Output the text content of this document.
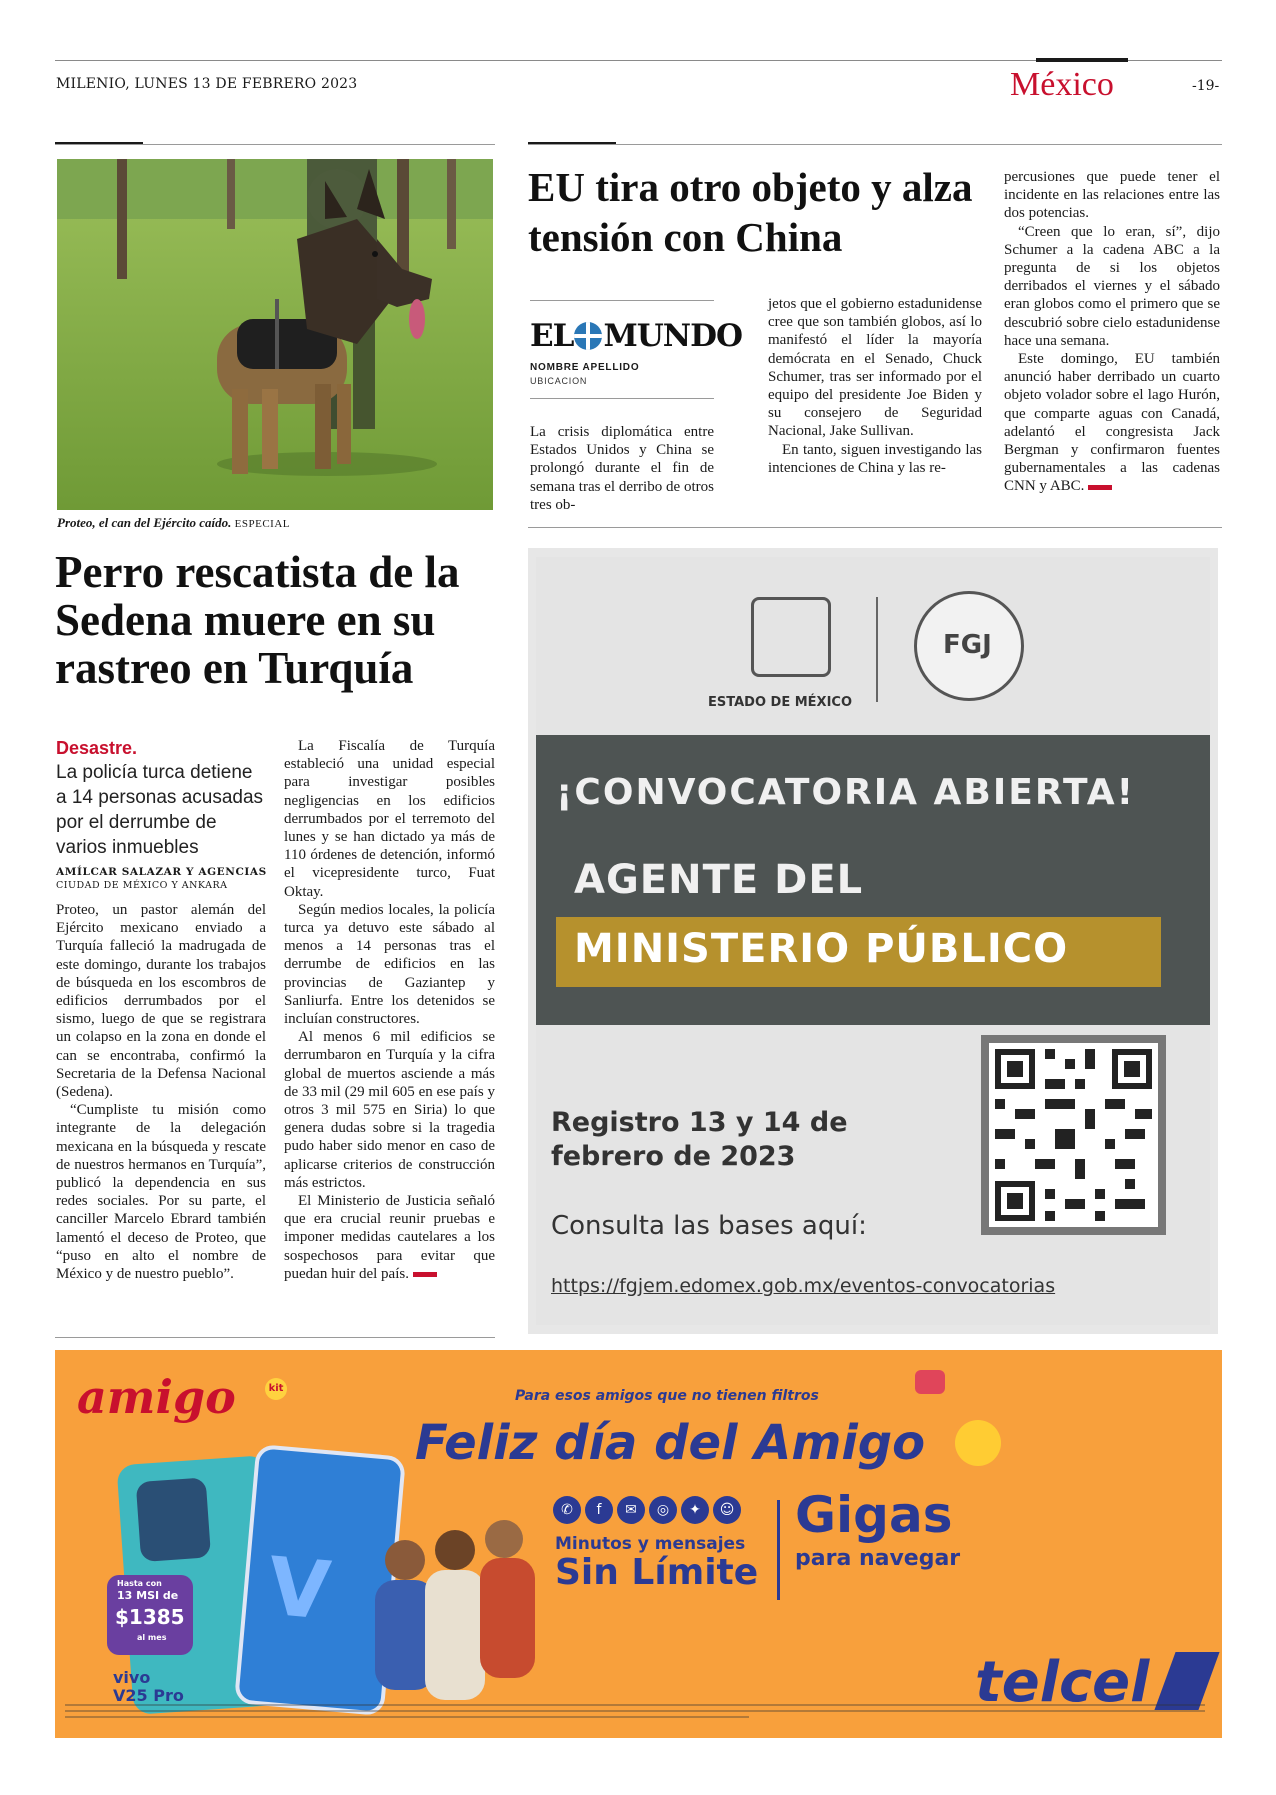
MILENIO, LUNES 13 DE FEBRERO 2023	México	-19-
Proteo, el can del Ejército caído. ESPECIAL
Perro rescatista de la Sedena muere en su rastreo en Turquía
Desastre.
La policía turca detiene a 14 personas acusadas por el derrumbe de varios inmuebles
AMÍLCAR SALAZAR Y AGENCIAS
CIUDAD DE MÉXICO Y ANKARA

Proteo, un pastor alemán del Ejército mexicano enviado a Turquía falleció la madrugada de este domingo, durante los trabajos de búsqueda en los escombros de edificios derrumbados por el sismo, luego de que se registrara un colapso en la zona en donde el can se encontraba, confirmó la Secretaria de la Defensa Nacional (Sedena).

“Cumpliste tu misión como integrante de la delegación mexicana en la búsqueda y rescate de nuestros hermanos en Turquía”, publicó la dependencia en sus redes sociales. Por su parte, el canciller Marcelo Ebrard también lamentó el deceso de Proteo, que “puso en alto el nombre de México y de nuestro pueblo”.

La Fiscalía de Turquía estableció una unidad especial para investigar posibles negligencias en los edificios derrumbados por el terremoto del lunes y se han dictado ya más de 110 órdenes de detención, informó el vicepresidente turco, Fuat Oktay.

Según medios locales, la policía turca ya detuvo este sábado al menos a 14 personas tras el derrumbe de edificios en las provincias de Gaziantep y Sanliurfa. Entre los detenidos se incluían constructores.

Al menos 6 mil edificios se derrumbaron en Turquía y la cifra global de muertos asciende a más de 33 mil (29 mil 605 en ese país y otros 3 mil 575 en Siria) lo que genera dudas sobre si la tragedia pudo haber sido menor en caso de aplicarse criterios de construcción más estrictos.

El Ministerio de Justicia señaló que era crucial reunir pruebas e imponer medidas cautelares a los sospechosos para evitar que puedan huir del país.

EU tira otro objeto y alza tensión con China
EL MUNDO
NOMBRE APELLIDO
UBICACION

La crisis diplomática entre Estados Unidos y China se prolongó durante el fin de semana tras el derribo de otros tres ob-

jetos que el gobierno estadunidense cree que son también globos, así lo manifestó el líder la mayoría demócrata en el Senado, Chuck Schumer, tras ser informado por el equipo del presidente Joe Biden y su consejero de Seguridad Nacional, Jake Sullivan.

En tanto, siguen investigando las intenciones de China y las re-

percusiones que puede tener el incidente en las relaciones entre las dos potencias.

“Creen que lo eran, sí”, dijo Schumer a la cadena ABC a la pregunta de si los objetos derribados el viernes y el sábado eran globos como el primero que se descubrió sobre cielo estadunidense hace una semana.

Este domingo, EU también anunció haber derribado un cuarto objeto volador sobre el lago Hurón, que comparte aguas con Canadá, adelantó el congresista Jack Bergman y confirmaron fuentes gubernamentales a las cadenas CNN y ABC.

ESTADO DE MÉXICO
FGJ
¡CONVOCATORIA ABIERTA!
AGENTE DEL
MINISTERIO PÚBLICO
Registro 13 y 14 de
febrero de 2023
Consulta las bases aquí:
https://fgjem.edomex.gob.mx/eventos-convocatorias
amigo	kit	Para esos amigos que no tienen filtros
Feliz día del Amigo
V
Hasta con
13 MSI de
$1385
al mes
vivo
V25 Pro
✆	f	✉	◎	✦	☺
Minutos y mensajes
Sin Límite
Gigas
para navegar
telcel
